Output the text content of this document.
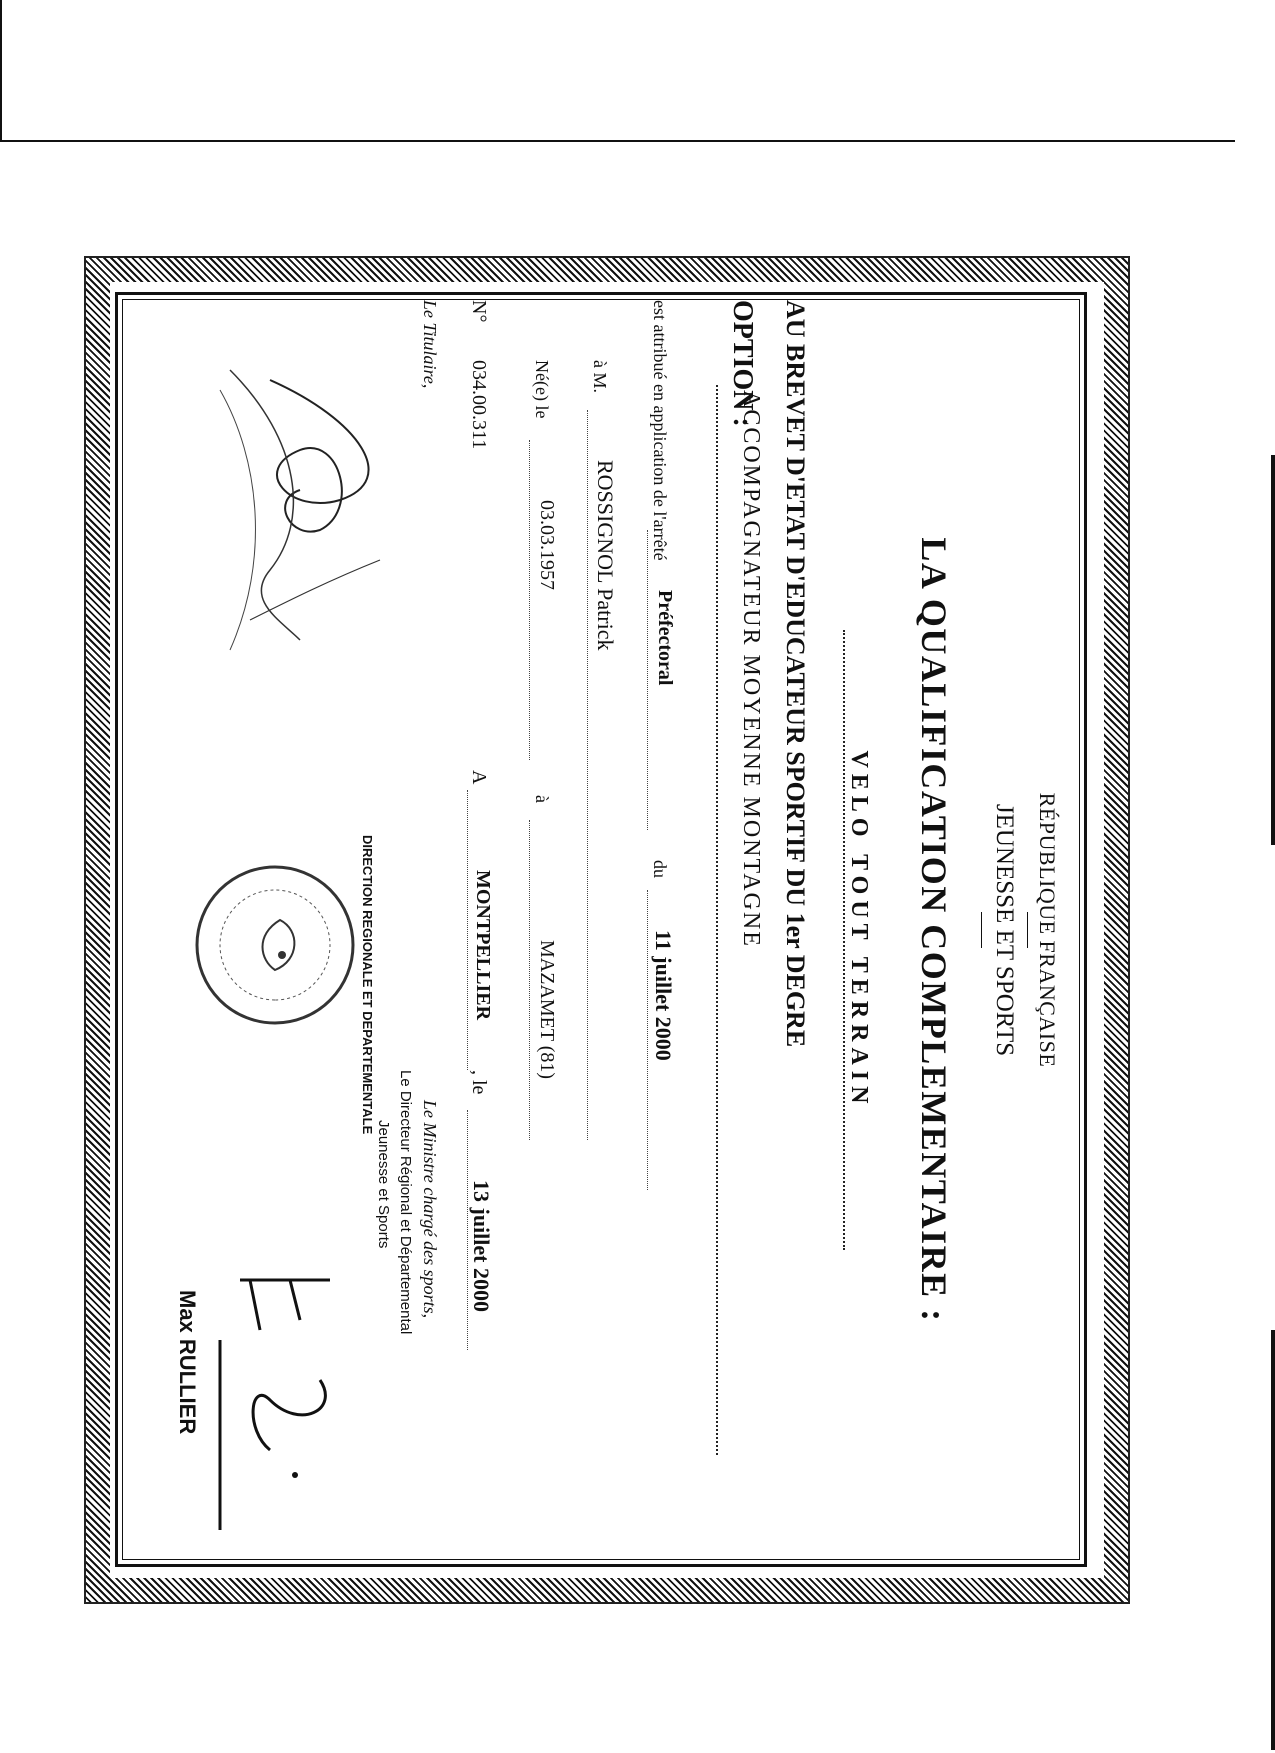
RÉPUBLIQUE FRANÇAISE
JEUNESSE ET SPORTS
LA QUALIFICATION COMPLEMENTAIRE :
VELO TOUT TERRAIN
AU BREVET D'ETAT D'EDUCATEUR SPORTIF DU 1er DEGRE
OPTION :
ACCOMPAGNATEUR MOYENNE MONTAGNE
est attribué en application de l'arrêté
Préfectoral
du
11 juillet 2000
à M.
ROSSIGNOL Patrick
Né(e) le
03.03.1957
à
MAZAMET (81)
N°
034.00.311
A
MONTPELLIER
, le
13 juillet 2000
Le Titulaire,
Le Ministre chargé des sports,
Le Directeur Régional et Départemental
Jeunesse et Sports
DIRECTION REGIONALE ET DEPARTEMENTALE
Max RULLIER
